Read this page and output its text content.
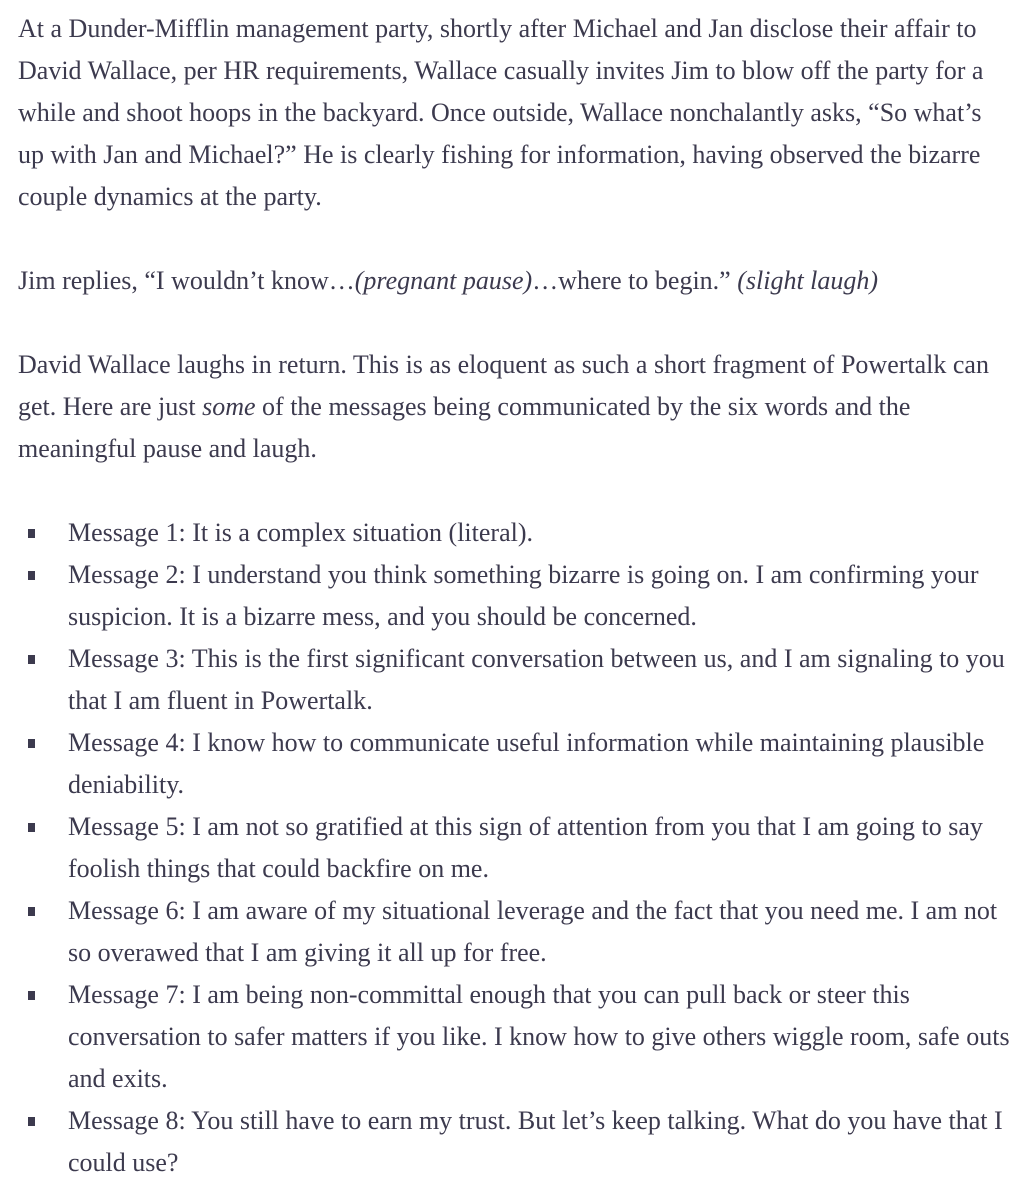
At a Dunder-Mifflin management party, shortly after Michael and Jan disclose their affair to David Wallace, per HR requirements, Wallace casually invites Jim to blow off the party for a while and shoot hoops in the backyard. Once outside, Wallace nonchalantly asks, “So what’s up with Jan and Michael?” He is clearly fishing for information, having observed the bizarre couple dynamics at the party.

Jim replies, “I wouldn’t know…(pregnant pause)…where to begin.” (slight laugh)

David Wallace laughs in return. This is as eloquent as such a short fragment of Powertalk can get. Here are just some of the messages being communicated by the six words and the meaningful pause and laugh.

Message 1: It is a complex situation (literal).
Message 2: I understand you think something bizarre is going on. I am confirming your suspicion. It is a bizarre mess, and you should be concerned.
Message 3: This is the first significant conversation between us, and I am signaling to you that I am fluent in Powertalk.
Message 4: I know how to communicate useful information while maintaining plausible deniability.
Message 5: I am not so gratified at this sign of attention from you that I am going to say foolish things that could backfire on me.
Message 6: I am aware of my situational leverage and the fact that you need me. I am not so overawed that I am giving it all up for free.
Message 7: I am being non-committal enough that you can pull back or steer this conversation to safer matters if you like. I know how to give others wiggle room, safe outs and exits.
Message 8: You still have to earn my trust. But let’s keep talking. What do you have that I could use?
